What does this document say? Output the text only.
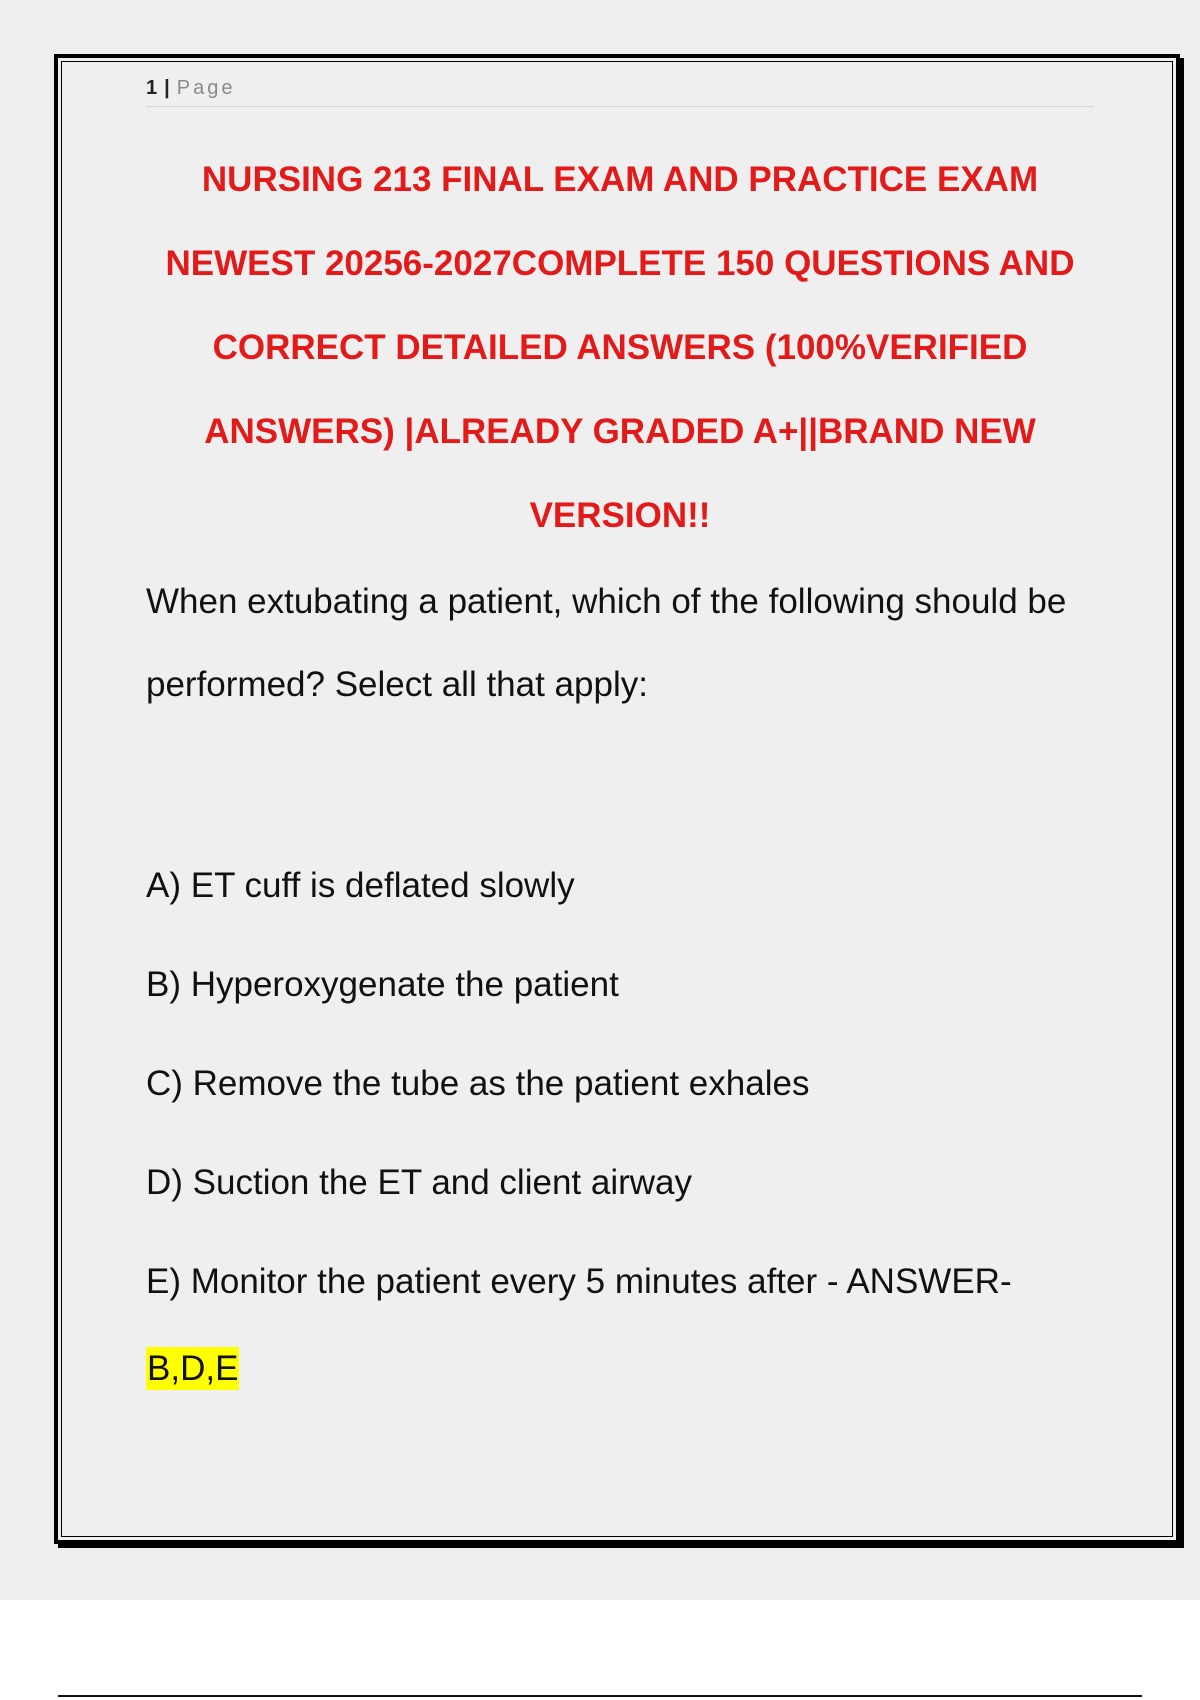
1 | Page
NURSING 213 FINAL EXAM AND PRACTICE EXAM NEWEST 20256-2027COMPLETE 150 QUESTIONS AND CORRECT DETAILED ANSWERS (100%VERIFIED ANSWERS) |ALREADY GRADED A+||BRAND NEW VERSION!!

When extubating a patient, which of the following should be performed? Select all that apply:

A) ET cuff is deflated slowly
B) Hyperoxygenate the patient
C) Remove the tube as the patient exhales
D) Suction the ET and client airway
E) Monitor the patient every 5 minutes after - ANSWER-
B,D,E
